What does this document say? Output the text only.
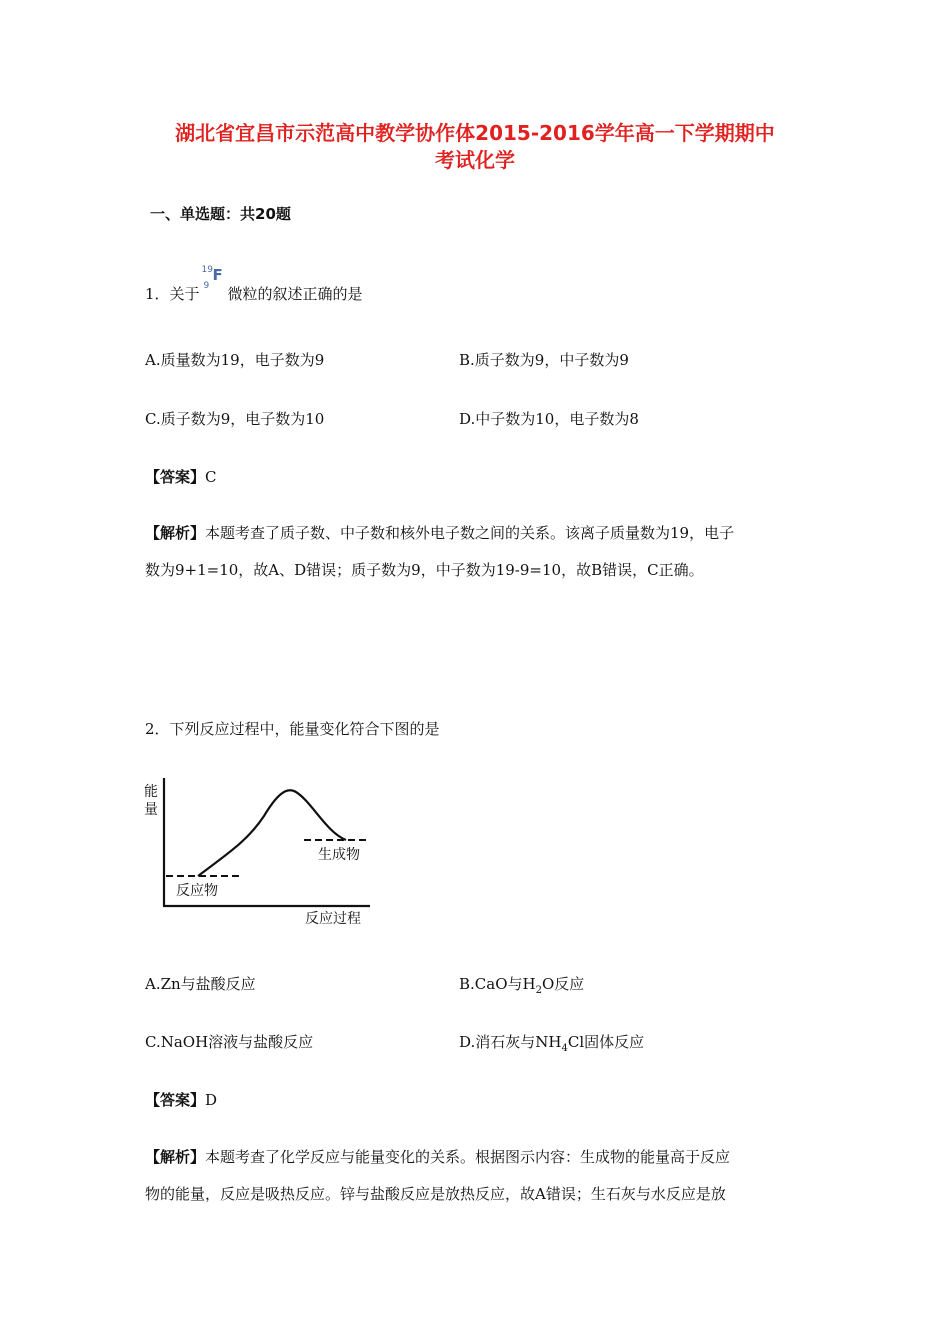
湖北省宜昌市示范高中教学协作体2015-2016学年高一下学期期中
考试化学
一、单选题：共20题
1．关于
19
9
F
微粒的叙述正确的是
A.质量数为19，电子数为9	B.质子数为9，中子数为9
C.质子数为9，电子数为10	D.中子数为10，电子数为8
【答案】C
【解析】本题考查了质子数、中子数和核外电子数之间的关系。该离子质量数为19，电子
数为9+1=10，故A、D错误；质子数为9，中子数为19-9=10，故B错误，C正确。
2．下列反应过程中，能量变化符合下图的是
能
量
反应物
生成物
反应过程
A.Zn与盐酸反应	B.CaO与$H_2O$反应
C.NaOH溶液与盐酸反应	D.消石灰与$NH_4Cl$固体反应
【答案】D
【解析】本题考查了化学反应与能量变化的关系。根据图示内容：生成物的能量高于反应
物的能量，反应是吸热反应。锌与盐酸反应是放热反应，故A错误；生石灰与水反应是放
